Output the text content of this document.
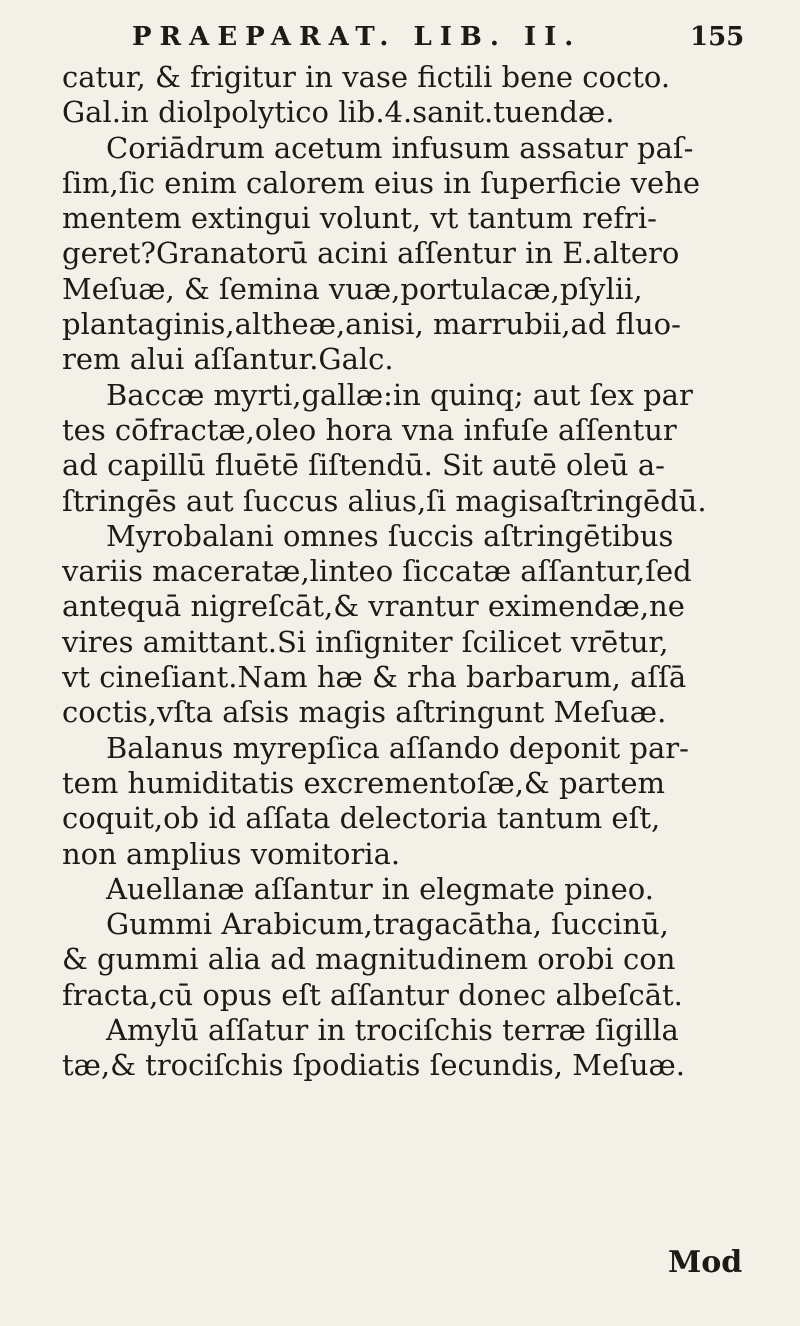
PRAEPARAT. LIB. II.	155
catur, & frigitur in vase fictili bene cocto.
Gal.in diolpolytico lib.4.sanit.tuendæ.
Coriādrum acetum infusum assatur paſ-
ſim,ſic enim calorem eius in ſuperficie vehe
mentem extingui volunt, vt tantum refri-
geret?Granatorū acini aſſentur in E.altero
Meſuæ, & ſemina vuæ,portulacæ,pſylii,
plantaginis,altheæ,anisi, marrubii,ad fluo-
rem alui aſſantur.Galc.
Baccæ myrti,gallæ:in quinq; aut ſex par
tes cōfractæ,oleo hora vna infuſe aſſentur
ad capillū fluētē ſiſtendū. Sit autē oleū a-
ſtringēs aut ſuccus alius,ſi magisaſtringēdū.
Myrobalani omnes ſuccis aſtringētibus
variis maceratæ,linteo ſiccatæ aſſantur,ſed
antequā nigreſcāt,& vrantur eximendæ,ne
vires amittant.Si inſigniter ſcilicet vrētur,
vt cineſiant.Nam hæ & rha barbarum, aſſā
coctis,vſta aſsis magis aſtringunt Meſuæ.
Balanus myrepſica aſſando deponit par-
tem humiditatis excrementoſæ,& partem
coquit,ob id aſſata delectoria tantum eſt,
non amplius vomitoria.
Auellanæ aſſantur in elegmate pineo.
Gummi Arabicum,tragacātha, ſuccinū,
& gummi alia ad magnitudinem orobi con
fracta,cū opus eſt aſſantur donec albeſcāt.
Amylū aſſatur in trociſchis terræ ſigilla
tæ,& trociſchis ſpodiatis ſecundis, Meſuæ.
Mod
